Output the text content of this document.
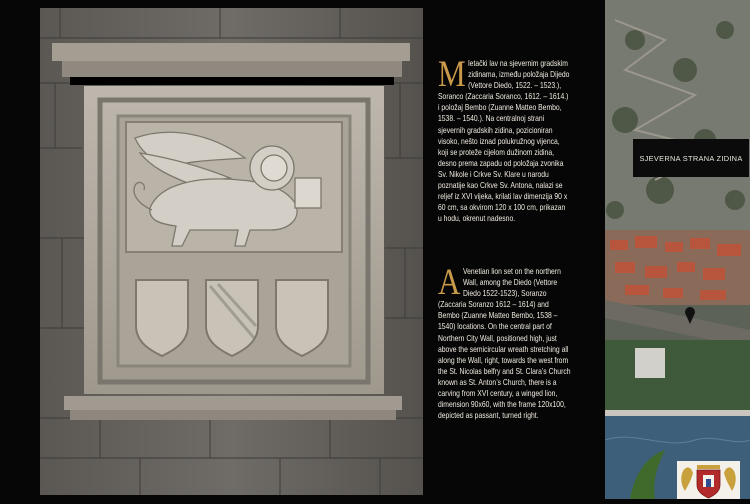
M letački lav na sjevernim gradskim zidinama, između položaja Dijedo (Vettore Diedo, 1522. – 1523.), Soranco (Zaccaria Soranco, 1612. – 1614.) i položaj Bembo (Zuanne Matteo Bembo, 1538. – 1540.). Na centralnoj strani sjevernih gradskih zidina, pozicioniran visoko, nešto iznad polukružnog vijenca, koji se proteže cijelom dužinom zidina, desno prema zapadu od položaja zvonika Sv. Nikole i Crkve Sv. Klare u narodu poznatije kao Crkve Sv. Antona, nalazi se reljef iz XVI vijeka, krilati lav dimenzija 90 x 60 cm, sa okvirom 120 x 100 cm, prikazan u hodu, okrenut nadesno.
A Venetian lion set on the northern Wall, among the Diedo (Vettore Diedo 1522-1523), Soranzo (Zaccaria Soranzo 1612 – 1614) and Bembo (Zuanne Matteo Bembo, 1538 – 1540) locations. On the central part of Northern City Wall, positioned high, just above the semicircular wreath stretching all along the Wall, right, towards the west from the St. Nicolas belfry and St. Clara’s Church known as St. Anton’s Church, there is a carving from XVI century, a winged lion, dimension 90x60, with the frame 120x100, depicted as passant, turned right.
SJEVERNA STRANA ZIDINA
